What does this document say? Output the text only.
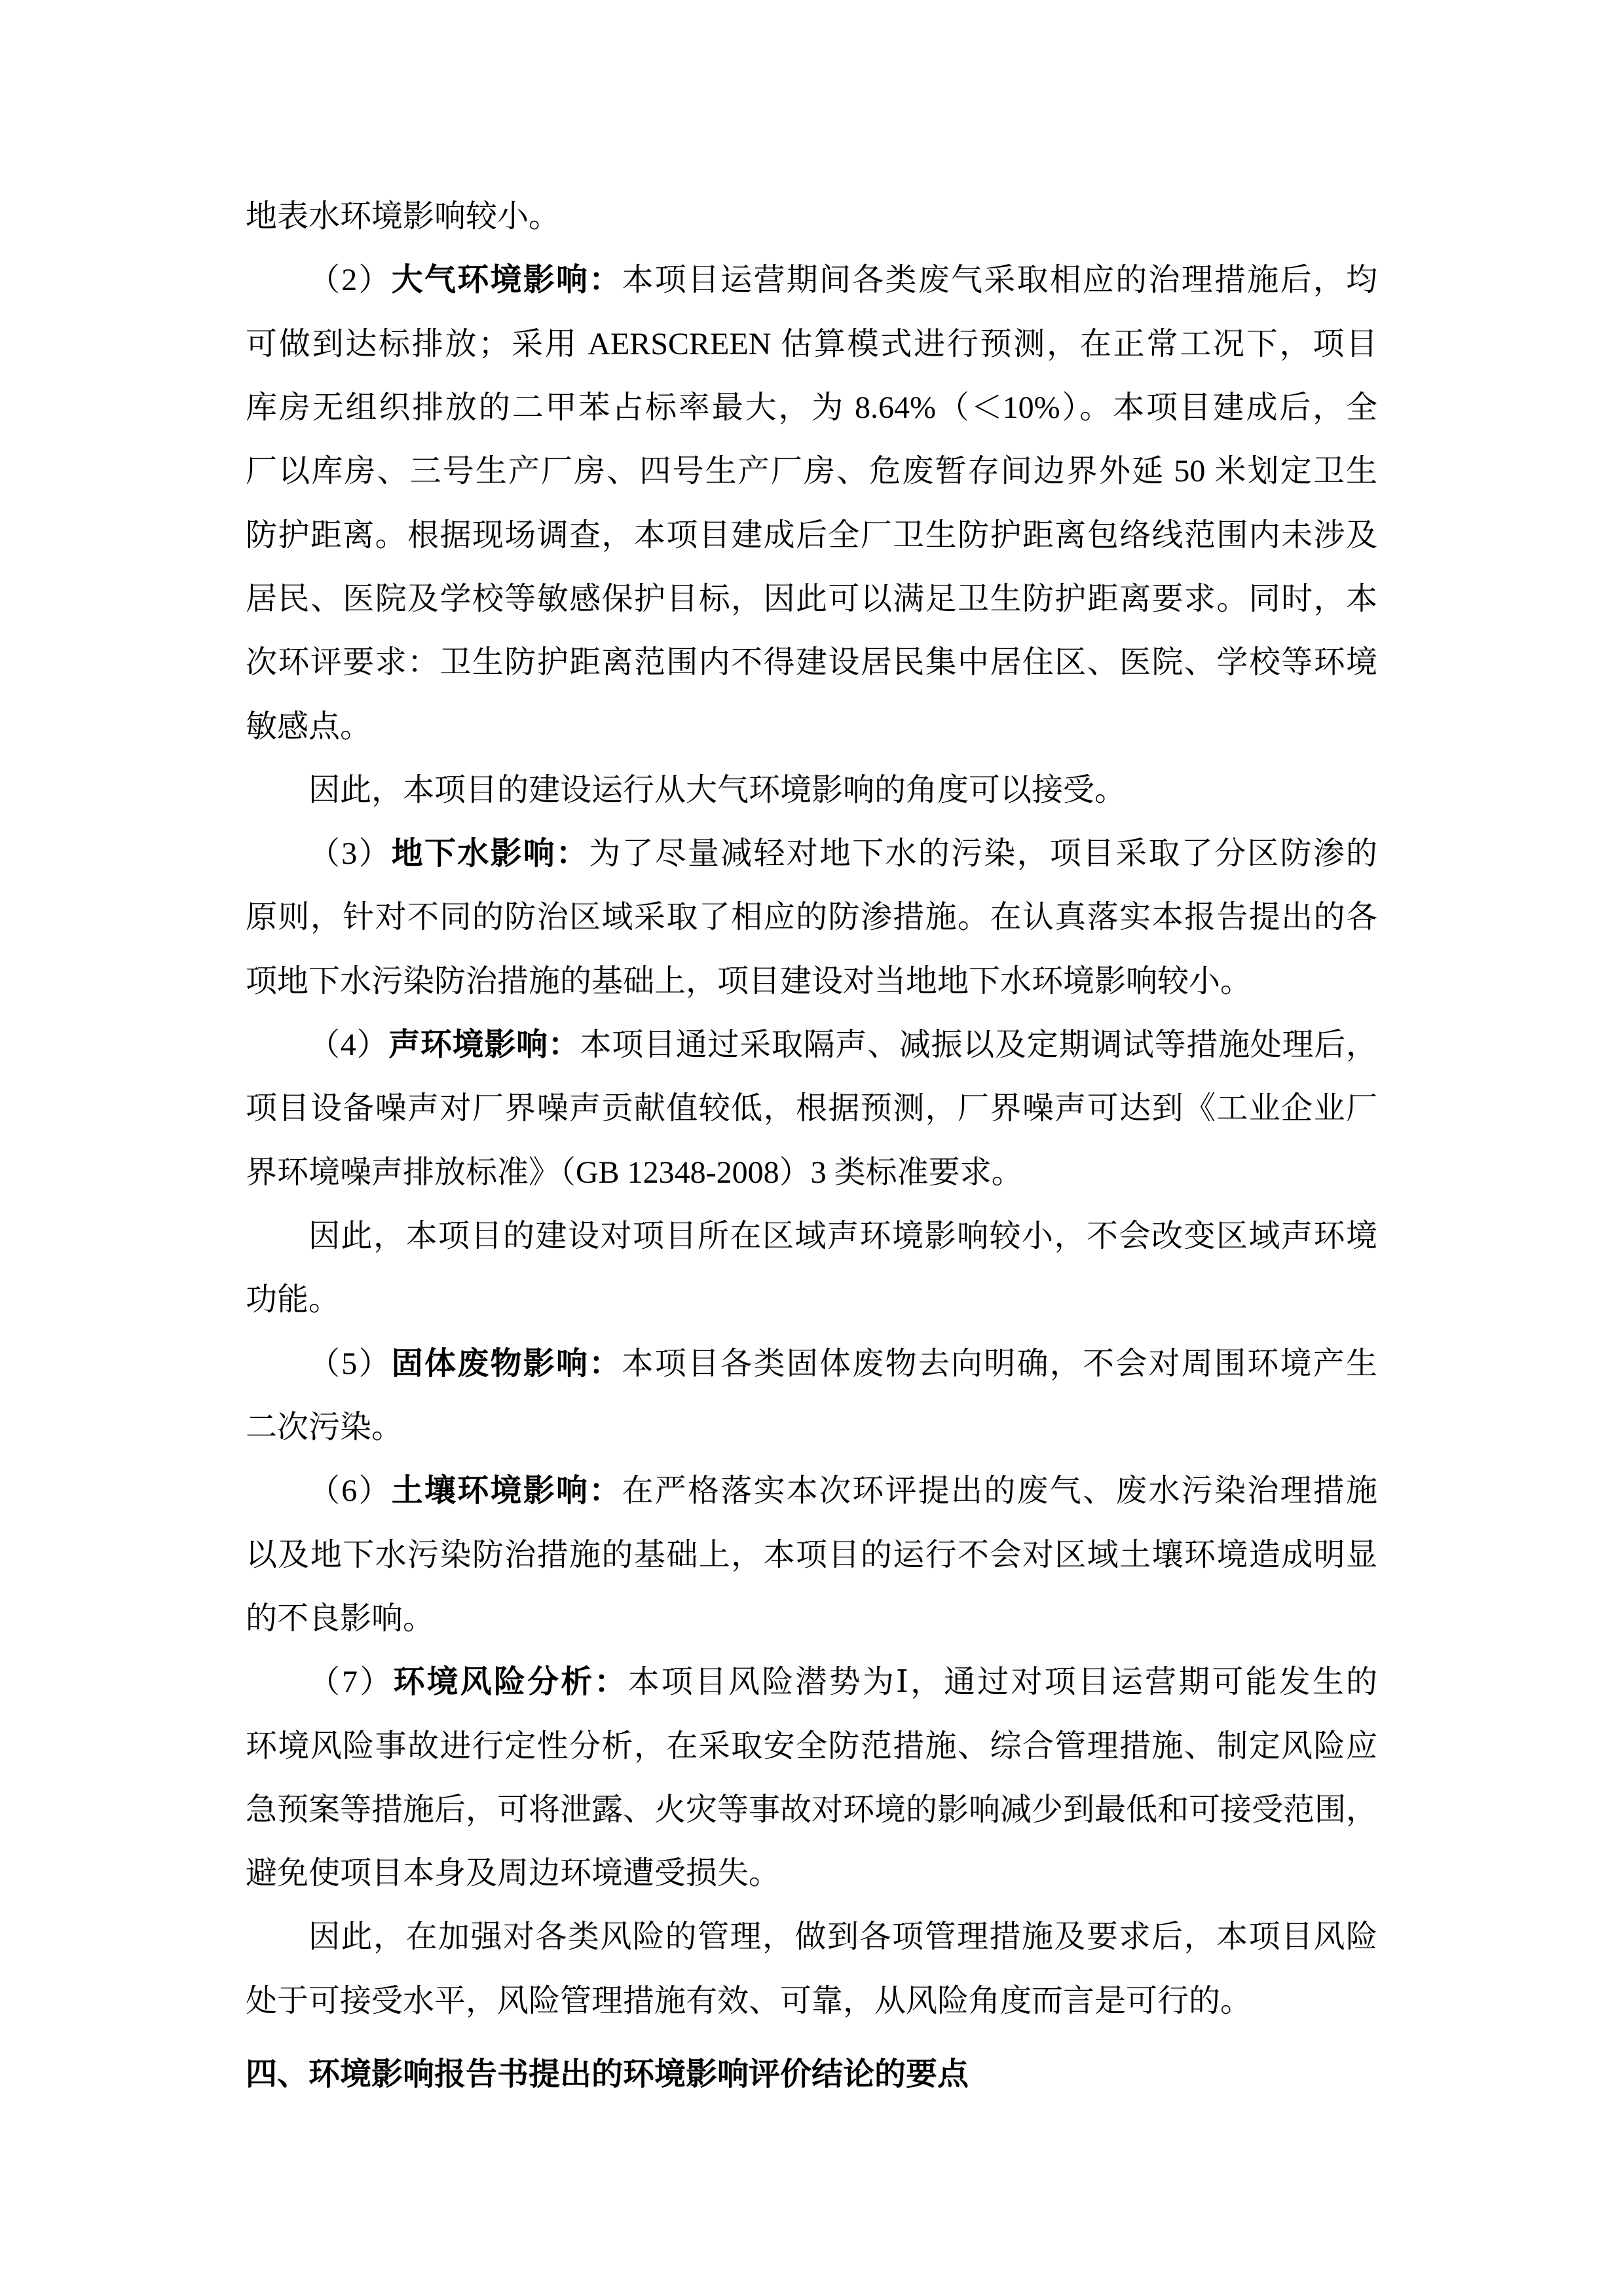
地表水环境影响较小。
（2）大气环境影响：本项目运营期间各类废气采取相应的治理措施后，均
可做到达标排放；采用 AERSCREEN 估算模式进行预测，在正常工况下，项目
库房无组织排放的二甲苯占标率最大，为 8.64%（＜10%）。本项目建成后，全
厂以库房、三号生产厂房、四号生产厂房、危废暂存间边界外延 50 米划定卫生
防护距离。根据现场调查，本项目建成后全厂卫生防护距离包络线范围内未涉及
居民、医院及学校等敏感保护目标，因此可以满足卫生防护距离要求。同时，本
次环评要求：卫生防护距离范围内不得建设居民集中居住区、医院、学校等环境
敏感点。
因此，本项目的建设运行从大气环境影响的角度可以接受。
（3）地下水影响：为了尽量减轻对地下水的污染，项目采取了分区防渗的
原则，针对不同的防治区域采取了相应的防渗措施。在认真落实本报告提出的各
项地下水污染防治措施的基础上，项目建设对当地地下水环境影响较小。
（4）声环境影响：本项目通过采取隔声、减振以及定期调试等措施处理后，
项目设备噪声对厂界噪声贡献值较低，根据预测，厂界噪声可达到《工业企业厂
界环境噪声排放标准》（GB 12348-2008）3 类标准要求。
因此，本项目的建设对项目所在区域声环境影响较小，不会改变区域声环境
功能。
（5）固体废物影响：本项目各类固体废物去向明确，不会对周围环境产生
二次污染。
（6）土壤环境影响：在严格落实本次环评提出的废气、废水污染治理措施
以及地下水污染防治措施的基础上，本项目的运行不会对区域土壤环境造成明显
的不良影响。
（7）环境风险分析：本项目风险潜势为Ⅰ，通过对项目运营期可能发生的
环境风险事故进行定性分析，在采取安全防范措施、综合管理措施、制定风险应
急预案等措施后，可将泄露、火灾等事故对环境的影响减少到最低和可接受范围，
避免使项目本身及周边环境遭受损失。
因此，在加强对各类风险的管理，做到各项管理措施及要求后，本项目风险
处于可接受水平，风险管理措施有效、可靠，从风险角度而言是可行的。
四、环境影响报告书提出的环境影响评价结论的要点
